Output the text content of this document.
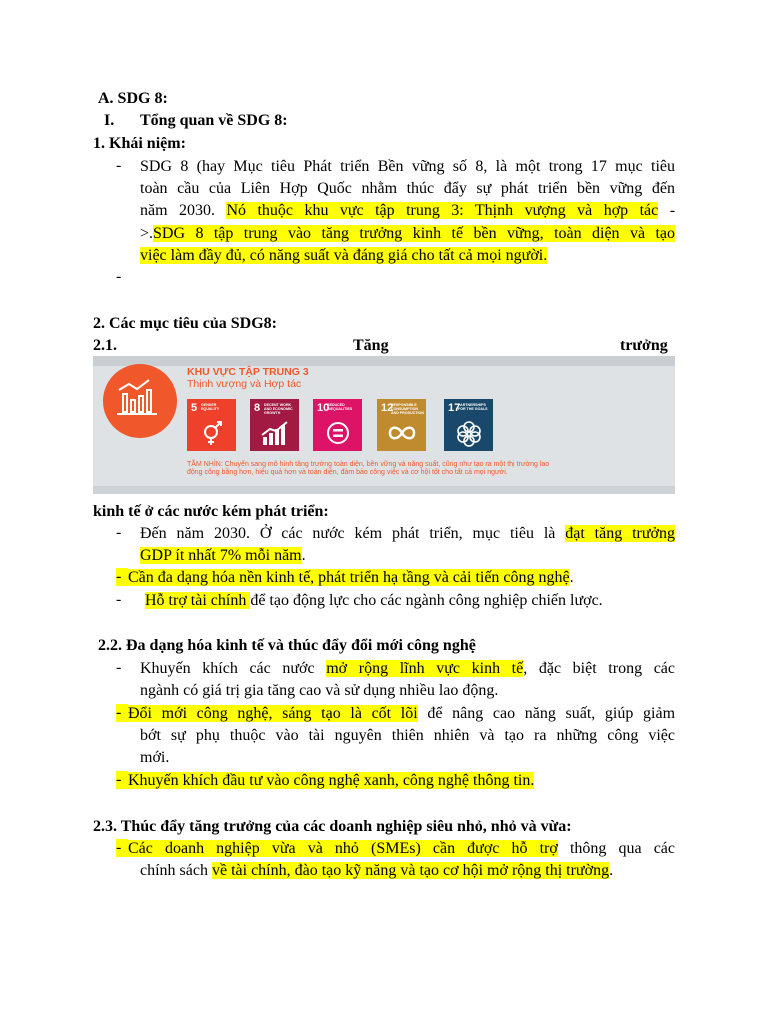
A. SDG 8:
I. Tổng quan về SDG 8:
1. Khái niệm:
-	SDG 8 (hay Mục tiêu Phát triển Bền vững số 8, là một trong 17 mục tiêu
toàn cầu của Liên Hợp Quốc nhằm thúc đẩy sự phát triển bền vững đến
năm 2030. Nó thuộc khu vực tập trung 3: Thịnh vượng và hợp tác -
>.SDG 8 tập trung vào tăng trưởng kinh tế bền vững, toàn diện và tạo
việc làm đầy đủ, có năng suất và đáng giá cho tất cả mọi người.
-
2. Các mục tiêu của SDG8:
2.1.	Tăng	trưởng
KHU VỰC TẬP TRUNG 3
Thịnh vượng và Hợp tác
5 GENDER EQUALITY	8 DECENT WORK AND ECONOMIC GROWTH	10
REDUCED INEQUALITIES	12
RESPONSIBLE CONSUMPTION AND PRODUCTION 17
PARTNERSHIPS FOR THE GOALS
TẦM NHÌN: Chuyển sang mô hình tăng trưởng toàn diện, bền vững và năng suất, cũng như tạo ra một thị trường lao
động công bằng hơn, hiệu quả hơn và toàn diện, đảm bảo công việc và cơ hội tốt cho tất cả mọi người.
kinh tế ở các nước kém phát triển:
-	Đến năm 2030. Ở các nước kém phát triển, mục tiêu là đạt tăng trưởng
GDP ít nhất 7% mỗi năm.
- Cần đa dạng hóa nền kinh tế, phát triển hạ tầng và cải tiến công nghệ.
-	Hỗ trợ tài chính để tạo động lực cho các ngành công nghiệp chiến lược.
2.2. Đa dạng hóa kinh tế và thúc đẩy đổi mới công nghệ
-	Khuyến khích các nước mở rộng lĩnh vực kinh tế, đặc biệt trong các
ngành có giá trị gia tăng cao và sử dụng nhiều lao động.
- Đổi mới công nghệ, sáng tạo là cốt lõi để nâng cao năng suất, giúp giảm
bớt sự phụ thuộc vào tài nguyên thiên nhiên và tạo ra những công việc
mới.
- Khuyến khích đầu tư vào công nghệ xanh, công nghệ thông tin.
2.3. Thúc đẩy tăng trưởng của các doanh nghiệp siêu nhỏ, nhỏ và vừa:
- Các doanh nghiệp vừa và nhỏ (SMEs) cần được hỗ trợ thông qua các
chính sách về tài chính, đào tạo kỹ năng và tạo cơ hội mở rộng thị trường.
